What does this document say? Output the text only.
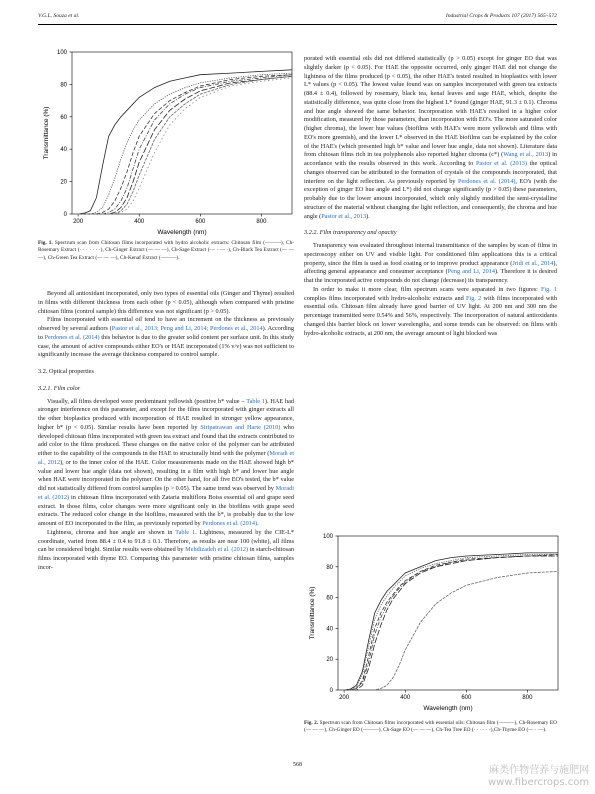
V.G.L. Souza et al.	Industrial Crops & Products 107 (2017) 565–572
200	400	600	800
0
20
40
60
80
100
Wavelength (nm)
Transmittance (%)
Fig. 1. Spectrum scan from Chitosan films incorporated with hydro alcoholic extracts: Chitosan film (———), Ch-Rosemary Extract (· · · · · · ·), Ch-Ginger Extract (— — —), Ch-Sage Extract (— · — ·), Ch-Black Tea Extract (— — —), Ch-Green Tea Extract (— — —), Ch-Kenaf Extract (———).

Beyond all antioxidant incorporated, only two types of essential oils (Ginger and Thyme) resulted in films with different thickness from each other (p < 0.05), although when compared with pristine chitosan films (control sample) this difference was not significant (p > 0.05).

Films incorporated with essential oil tend to have an increment on the thickness as previously observed by several authors (Pastor et al., 2013; Peng and Li, 2014; Perdones et al., 2014). According to Perdones et al. (2014) this behavior is due to the greater solid content per surface unit. In this study case, the amount of active compounds either EO's or HAE incorporated (1% v/v) was not sufficient to significantly increase the average thickness compared to control sample.

3.2. Optical properties
3.2.1. Film color

Visually, all films developed were predominant yellowish (positive b* value – Table 1). HAE had stronger interference on this parameter, and except for the films incorporated with ginger extracts all the other bioplastics produced with incorporation of HAE resulted in stronger yellow appearance, higher b* (p < 0.05). Similar results have been reported by Siripatrawan and Harte (2010) who developed chitosan films incorporated with green tea extract and found that the extracts contributed to add color to the films produced. These changes on the native color of the polymer can be attributed either to the capability of the compounds in the HAE to structurally bind with the polymer (Moradi et al., 2012), or to the inner color of the HAE. Color measurements made on the HAE showed high b* value and lower hue angle (data not shown), resulting in a film with high b* and lower hue angle when HAE were incorporated in the polymer. On the other hand, for all five EO's tested, the b* value did not statistically differed from control samples (p > 0.05). The same trend was observed by Moradi et al. (2012) in chitosan films incorporated with Zataria multiflora Boiss essential oil and grape seed extract. In those films, color changes were more significant only in the biofilms with grape seed extracts. The reduced color change in the biofilms, measured with the b*, is probably due to the low amount of EO incorporated in the film, as previously reported by Perdones et al. (2014).

Lightness, chroma and hue angle are shown in Table 1. Lightness, measured by the CIE-L* coordinate, varied from 88.4 ± 0.4 to 91.8 ± 0.1. Therefore, as results are near 100 (white), all films can be considered bright. Similar results were obtained by Mehdizadeh et al. (2012) in starch-chitosan films incorporated with thyme EO. Comparing this parameter with pristine chitosan films, samples incor-

porated with essential oils did not differed statistically (p > 0.05) except for ginger EO that was slightly darker (p < 0.05). For HAE the opposite occurred, only ginger HAE did not change the lightness of the films produced (p < 0.05), the other HAE's tested resulted in bioplastics with lower L* values (p < 0.05). The lowest value found was on samples incorporated with green tea extracts (88.4 ± 0.4), followed by rosemary, black tea, kenaf leaves and sage HAE, which, despite the statistically difference, was quite close from the highest L* found (ginger HAE, 91.3 ± 0.1). Chroma and hue angle showed the same behavior. Incorporation with HAE's resulted in a higher color modification, measured by those parameters, than incorporation with EO's. The more saturated color (higher chroma), the lower hue values (biofilms with HAE's were more yellowish and films with EO's more greenish), and the lower L* observed in the HAE biofilms can be explained by the color of the HAE's (which presented high b* value and lower hue angle, data not shown). Literature data from chitosan films rich in tea polyphenols also reported higher chroma (c*) (Wang et al., 2013) in accordance with the results observed in this work. According to Pastor et al. (2013) the optical changes observed can be attributed to the formation of crystals of the compounds incorporated, that interfere on the light reflection. As previously reported by Perdones et al. (2014), EO's (with the exception of ginger EO hue angle and L*) did not change significantly (p > 0.05) these parameters, probably due to the lower amount incorporated, which only slightly modified the semi-crystalline structure of the material without changing the light reflection, and consequently, the chroma and hue angle (Pastor et al., 2013).

3.2.2. Film transparency and opacity

Transparency was evaluated throughout internal transmittance of the samples by scan of films in spectroscopy either on UV and visible light. For conditioned film applications this is a critical property, since the film is used as food coating or to improve product appearance (Jridi et al., 2014), affecting general appearance and consumer acceptance (Peng and Li, 2014). Therefore it is desired that the incorporated active compounds do not change (decrease) its transparency.

In order to make it more clear, film spectrum scans were separated in two figures: Fig. 1 complies films incorporated with hydro-alcoholic extracts and Fig. 2 with films incorporated with essential oils. Chitosan film already have good barrier of UV light. At 200 nm and 300 nm the percentage transmitted were 0.54% and 56%, respectively. The incorporation of natural antioxidants changed this barrier block on lower wavelengths, and some trends can be observed: on films with hydro-alcoholic extracts, at 200 nm, the average amount of light blocked was

200	400	600	800
0
20
40
60
80
100
Wavelength (nm)
Transmittance (%)
Fig. 2. Spectrum scan from Chitosan films incorporated with essential oils: Chitosan film (———), Ch-Rosemary EO (— — —), Ch-Ginger EO (———), Ch-Sage EO (— — —), Ch-Tea Tree EO (· · · · · ·),Ch-Thyme EO (— · —).
568	麻类作物营养与施肥网
www.fibercrops.com
